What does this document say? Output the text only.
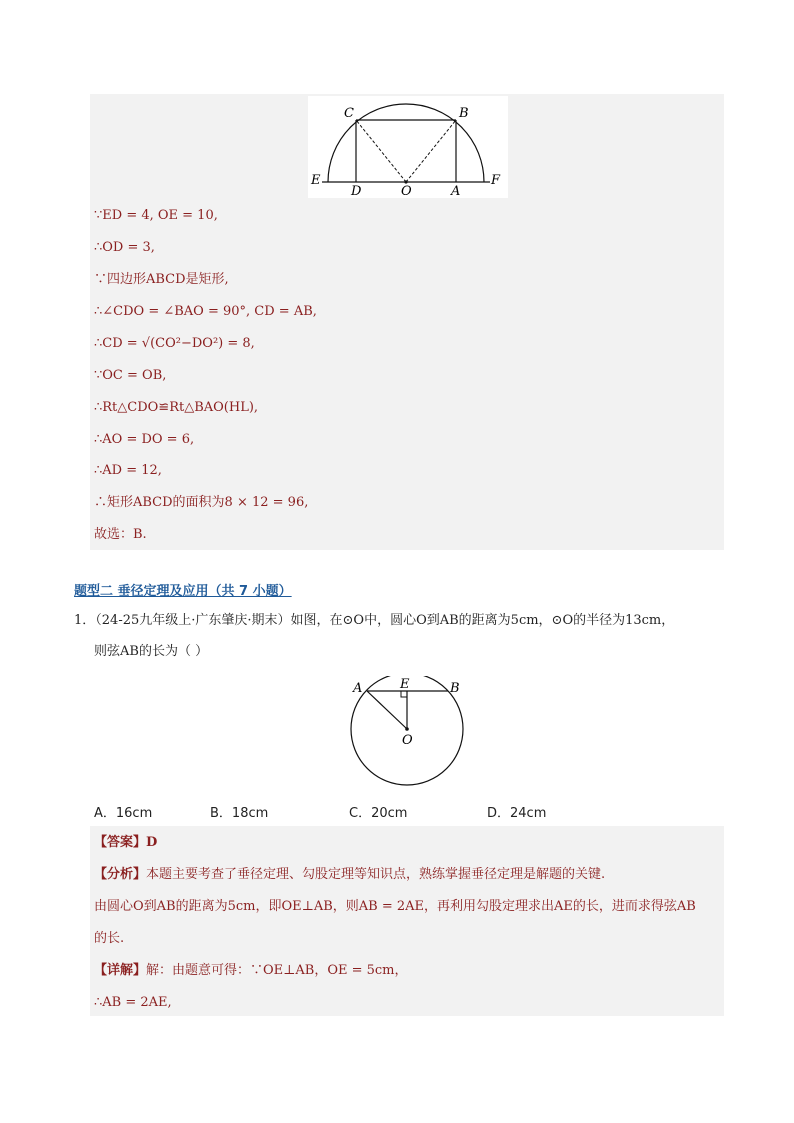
C	B
E	F
D	O	A
∵ED = 4, OE = 10,
∴OD = 3,
∵四边形ABCD是矩形,
∴∠CDO = ∠BAO = 90°, CD = AB,
∴CD = √(CO²−DO²) = 8,
∵OC = OB,
∴Rt△CDO≌Rt△BAO(HL),
∴AO = DO = 6,
∴AD = 12,
∴矩形ABCD的面积为8 × 12 = 96,
故选：B.
题型二 垂径定理及应用（共 7 小题）
1．（24-25九年级上·广东肇庆·期末）如图，在⊙O中，圆心O到AB的距离为5cm，⊙O的半径为13cm，
则弦AB的长为（ ）
A	E	B
O
A．16cm	B．18cm	C．20cm	D．24cm
【答案】D
【分析】本题主要考查了垂径定理、勾股定理等知识点，熟练掌握垂径定理是解题的关键.
由圆心O到AB的距离为5cm，即OE⊥AB，则AB = 2AE，再利用勾股定理求出AE的长，进而求得弦AB
的长.
【详解】解：由题意可得：∵OE⊥AB，OE = 5cm，
∴AB = 2AE,
